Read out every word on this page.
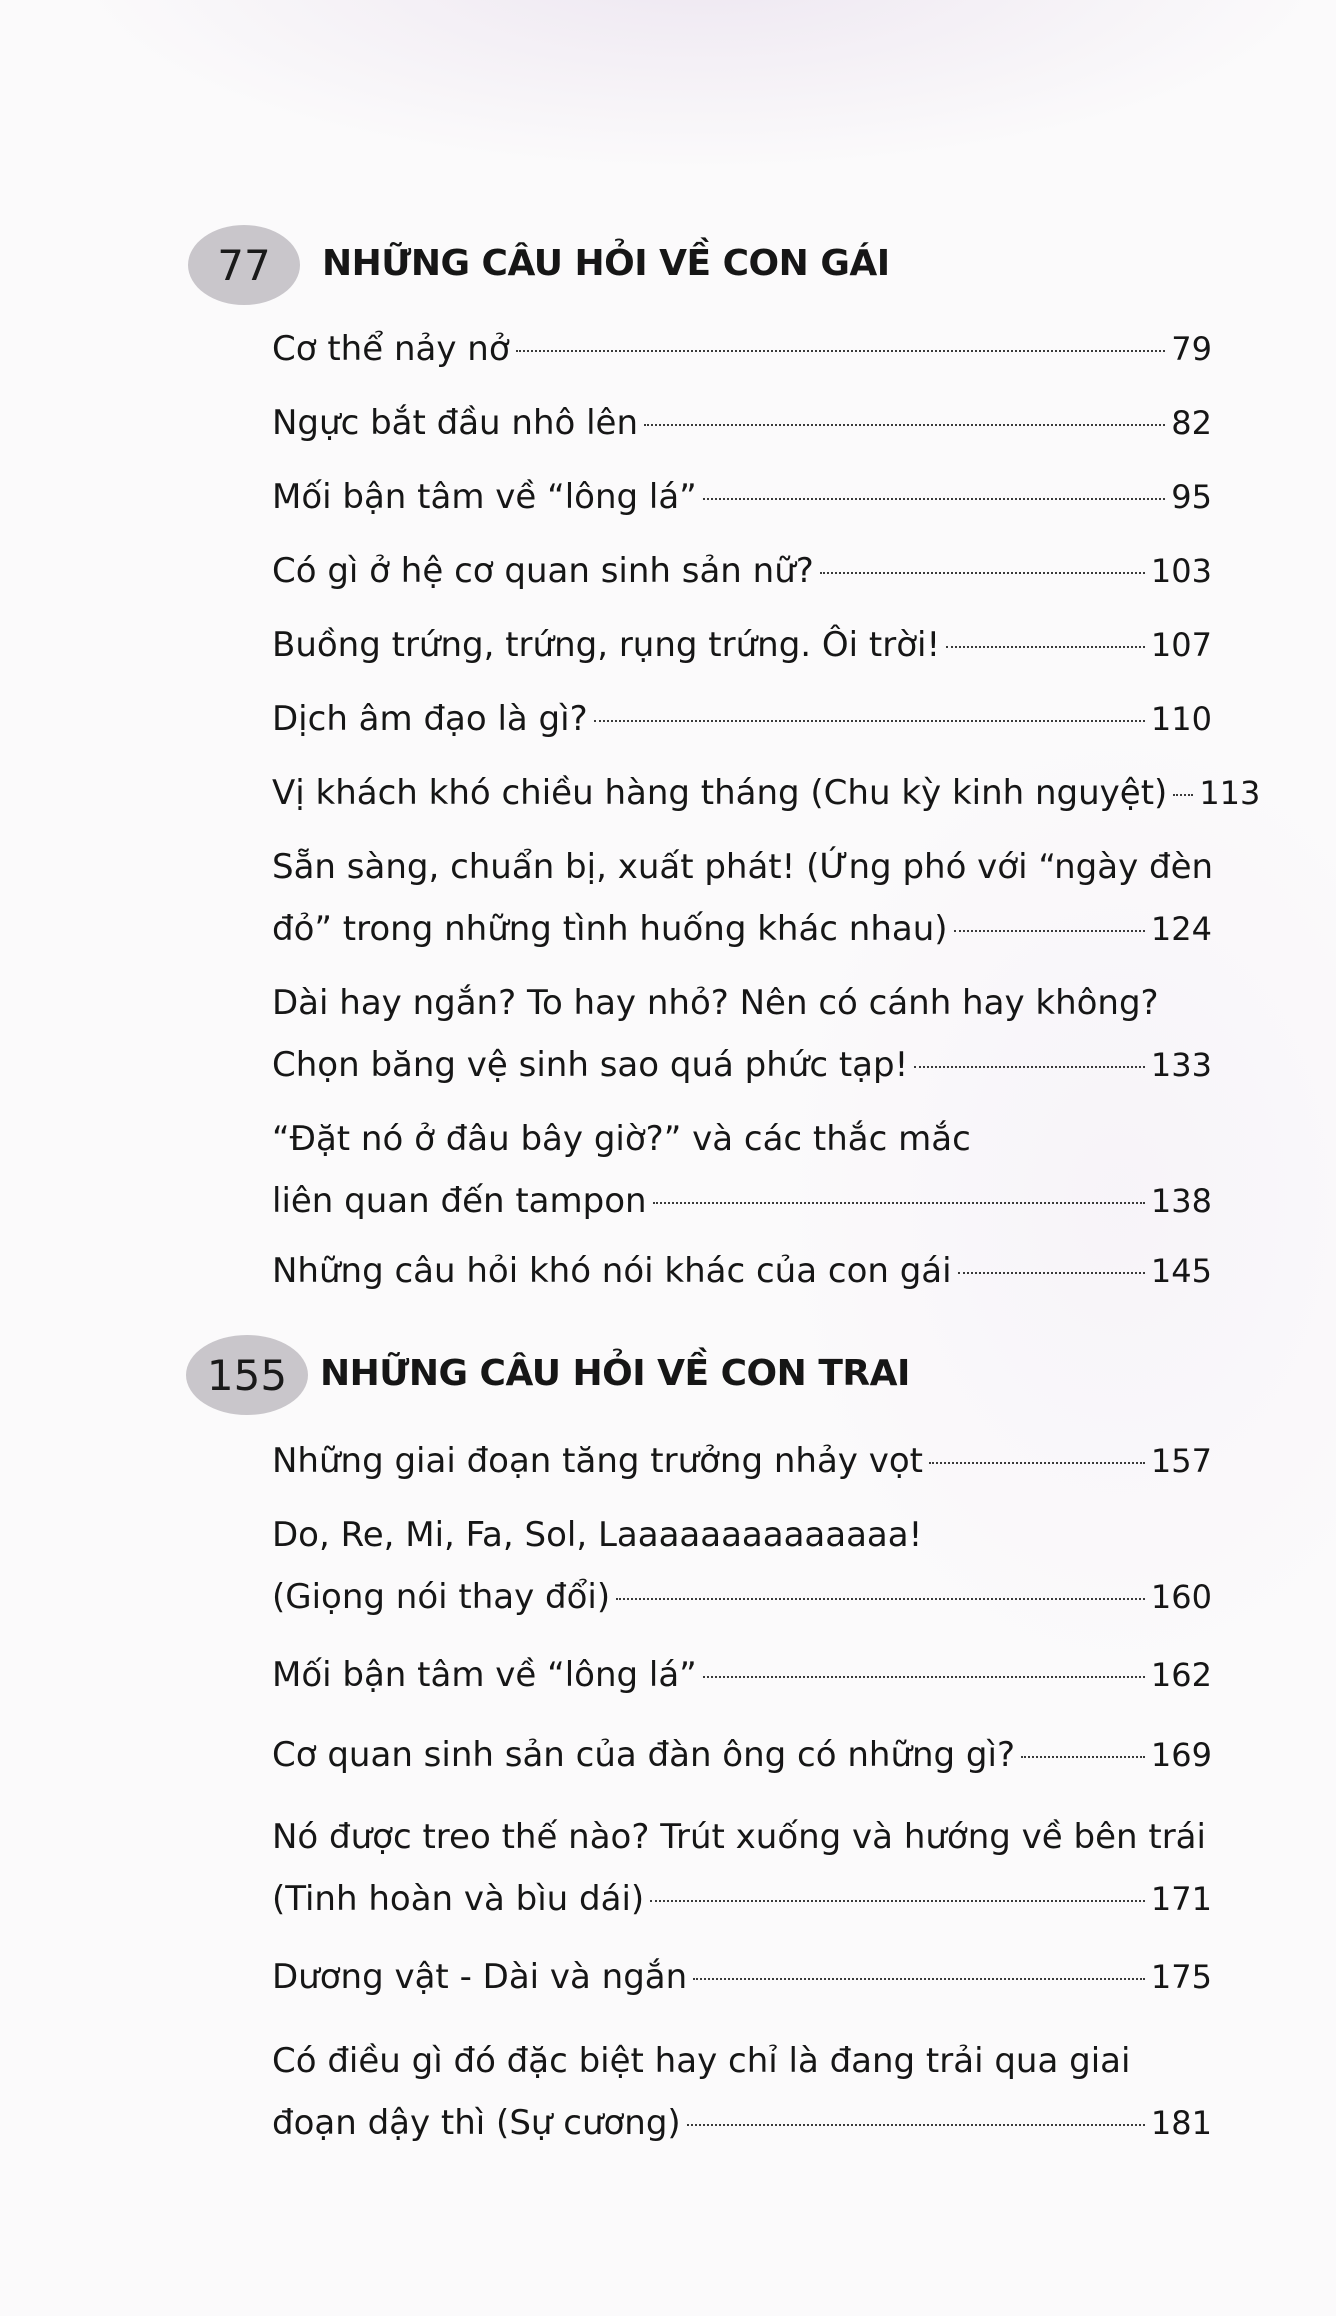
77 NHỮNG CÂU HỎI VỀ CON GÁI
Cơ thể nảy nở	79
Ngực bắt đầu nhô lên	82
Mối bận tâm về “lông lá”	95
Có gì ở hệ cơ quan sinh sản nữ?	103
Buồng trứng, trứng, rụng trứng. Ôi trời!	107
Dịch âm đạo là gì?	110
Vị khách khó chiều hàng tháng (Chu kỳ kinh nguyệt) 113
Sẵn sàng, chuẩn bị, xuất phát! (Ứng phó với “ngày đèn
đỏ” trong những tình huống khác nhau)	124
Dài hay ngắn? To hay nhỏ? Nên có cánh hay không?
Chọn băng vệ sinh sao quá phức tạp!	133
“Đặt nó ở đâu bây giờ?” và các thắc mắc
liên quan đến tampon	138
Những câu hỏi khó nói khác của con gái	145
155 NHỮNG CÂU HỎI VỀ CON TRAI
Những giai đoạn tăng trưởng nhảy vọt	157
Do, Re, Mi, Fa, Sol, Laaaaaaaaaaaaaa!
(Giọng nói thay đổi)	160
Mối bận tâm về “lông lá”	162
Cơ quan sinh sản của đàn ông có những gì?	169
Nó được treo thế nào? Trút xuống và hướng về bên trái
(Tinh hoàn và bìu dái)	171
Dương vật - Dài và ngắn	175
Có điều gì đó đặc biệt hay chỉ là đang trải qua giai
đoạn dậy thì (Sự cương)	181
